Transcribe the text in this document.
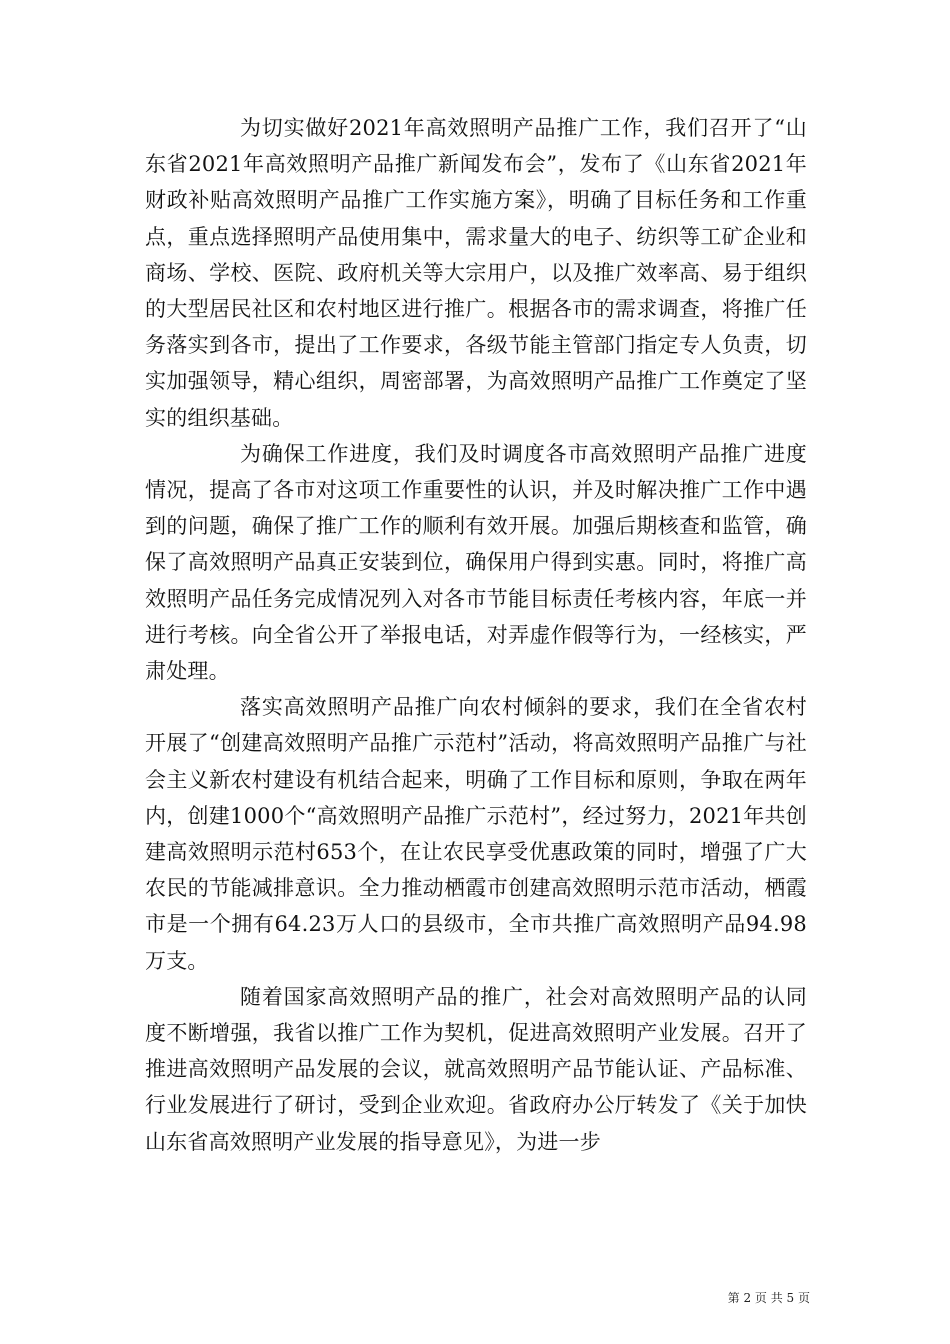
为切实做好2021年高效照明产品推广工作，我们召开了“山东省2021年高效照明产品推广新闻发布会”，发布了《山东省2021年财政补贴高效照明产品推广工作实施方案》，明确了目标任务和工作重点，重点选择照明产品使用集中，需求量大的电子、纺织等工矿企业和商场、学校、医院、政府机关等大宗用户，以及推广效率高、易于组织的大型居民社区和农村地区进行推广。根据各市的需求调查，将推广任务落实到各市，提出了工作要求，各级节能主管部门指定专人负责，切实加强领导，精心组织，周密部署，为高效照明产品推广工作奠定了坚实的组织基础。

为确保工作进度，我们及时调度各市高效照明产品推广进度情况，提高了各市对这项工作重要性的认识，并及时解决推广工作中遇到的问题，确保了推广工作的顺利有效开展。加强后期核查和监管，确保了高效照明产品真正安装到位，确保用户得到实惠。同时，将推广高效照明产品任务完成情况列入对各市节能目标责任考核内容，年底一并进行考核。向全省公开了举报电话，对弄虚作假等行为，一经核实，严肃处理。

落实高效照明产品推广向农村倾斜的要求，我们在全省农村开展了“创建高效照明产品推广示范村”活动，将高效照明产品推广与社会主义新农村建设有机结合起来，明确了工作目标和原则，争取在两年内，创建1000个“高效照明产品推广示范村”，经过努力，2021年共创建高效照明示范村653个，在让农民享受优惠政策的同时，增强了广大农民的节能减排意识。全力推动栖霞市创建高效照明示范市活动，栖霞市是一个拥有64.23万人口的县级市，全市共推广高效照明产品94.98万支。

随着国家高效照明产品的推广，社会对高效照明产品的认同度不断增强，我省以推广工作为契机，促进高效照明产业发展。召开了推进高效照明产品发展的会议，就高效照明产品节能认证、产品标准、行业发展进行了研讨，受到企业欢迎。省政府办公厅转发了《关于加快山东省高效照明产业发展的指导意见》，为进一步

第 2 页 共 5 页
